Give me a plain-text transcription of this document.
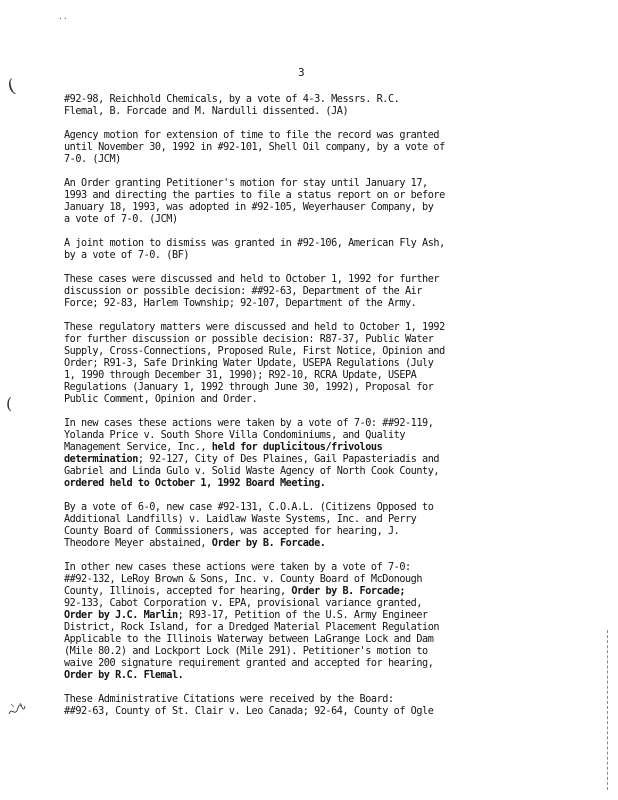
..
(
(
3
#92-98, Reichhold Chemicals, by a vote of 4-3. Messrs. R.C.
Flemal, B. Forcade and M. Nardulli dissented. (JA)
Agency motion for extension of time to file the record was granted
until November 30, 1992 in #92-101, Shell Oil company, by a vote of
7-0. (JCM)
An Order granting Petitioner's motion for stay until January 17,
1993 and directing the parties to file a status report on or before
January 18, 1993, was adopted in #92-105, Weyerhauser Company, by
a vote of 7-0. (JCM)
A joint motion to dismiss was granted in #92-106, American Fly Ash,
by a vote of 7-0. (BF)
These cases were discussed and held to October 1, 1992 for further
discussion or possible decision: ##92-63, Department of the Air
Force; 92-83, Harlem Township; 92-107, Department of the Army.
These regulatory matters were discussed and held to October 1, 1992
for further discussion or possible decision: R87-37, Public Water
Supply, Cross-Connections, Proposed Rule, First Notice, Opinion and
Order; R91-3, Safe Drinking Water Update, USEPA Regulations (July
1, 1990 through December 31, 1990); R92-10, RCRA Update, USEPA
Regulations (January 1, 1992 through June 30, 1992), Proposal for
Public Comment, Opinion and Order.
In new cases these actions were taken by a vote of 7-0: ##92-119,
Yolanda Price v. South Shore Villa Condominiums, and Quality
Management Service, Inc., held for duplicitous/frivolous
determination; 92-127, City of Des Plaines, Gail Papasteriadis and
Gabriel and Linda Gulo v. Solid Waste Agency of North Cook County,
ordered held to October 1, 1992 Board Meeting.
By a vote of 6-0, new case #92-131, C.O.A.L. (Citizens Opposed to
Additional Landfills) v. Laidlaw Waste Systems, Inc. and Perry
County Board of Commissioners, was accepted for hearing, J.
Theodore Meyer abstained, Order by B. Forcade.
In other new cases these actions were taken by a vote of 7-0:
##92-132, LeRoy Brown & Sons, Inc. v. County Board of McDonough
County, Illinois, accepted for hearing, Order by B. Forcade;
92-133, Cabot Corporation v. EPA, provisional variance granted,
Order by J.C. Marlin; R93-17, Petition of the U.S. Army Engineer
District, Rock Island, for a Dredged Material Placement Regulation
Applicable to the Illinois Waterway between LaGrange Lock and Dam
(Mile 80.2) and Lockport Lock (Mile 291). Petitioner's motion to
waive 200 signature requirement granted and accepted for hearing,
Order by R.C. Flemal.
These Administrative Citations were received by the Board:
##92-63, County of St. Clair v. Leo Canada; 92-64, County of Ogle
